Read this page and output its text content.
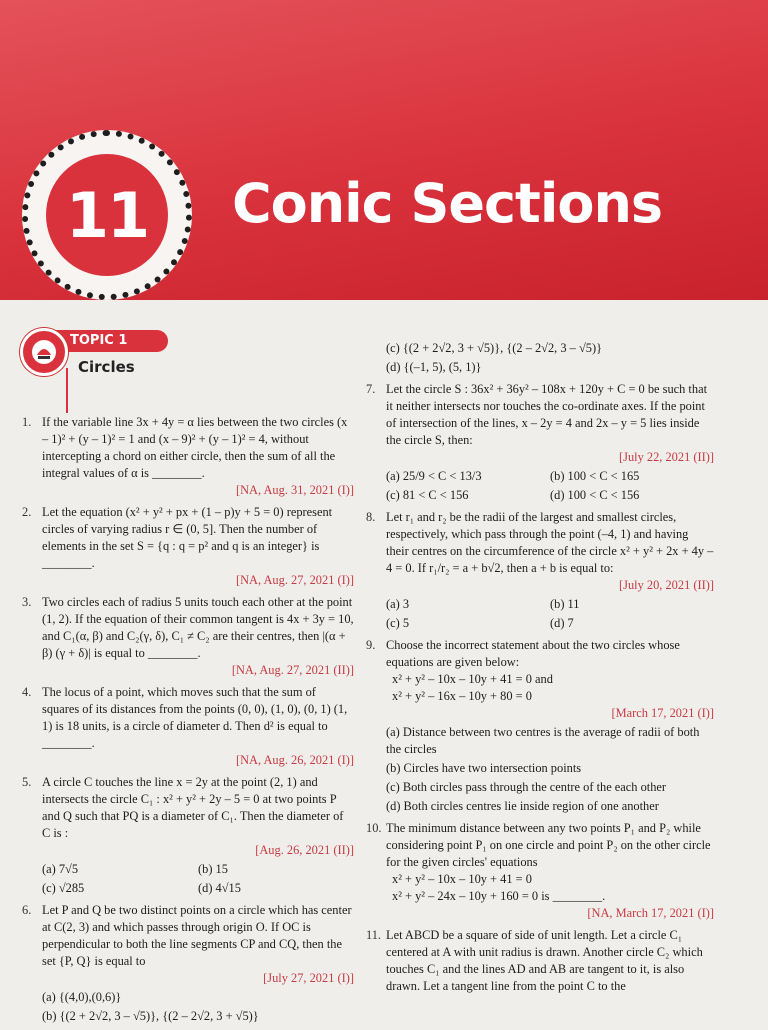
11	Conic Sections
TOPIC 1
Circles
1. If the variable line 3x + 4y = α lies between the two circles (x – 1)² + (y – 1)² = 1 and (x – 9)² + (y – 1)² = 4, without intercepting a chord on either circle, then the sum of all the integral values of α is ________.
[NA, Aug. 31, 2021 (I)]
2. Let the equation (x² + y² + px + (1 – p)y + 5 = 0) represent circles of varying radius r ∈ (0, 5]. Then the number of elements in the set S = {q : q = p² and q is an integer} is ________.
[NA, Aug. 27, 2021 (I)]
3. Two circles each of radius 5 units touch each other at the point (1, 2). If the equation of their common tangent is 4x + 3y = 10, and C₁(α, β) and C₂(γ, δ), C₁ ≠ C₂ are their centres, then |(α + β) (γ + δ)| is equal to ________.
[NA, Aug. 27, 2021 (II)]
4. The locus of a point, which moves such that the sum of squares of its distances from the points (0, 0), (1, 0), (0, 1) (1, 1) is 18 units, is a circle of diameter d. Then d² is equal to ________.
[NA, Aug. 26, 2021 (I)]
5. A circle C touches the line x = 2y at the point (2, 1) and intersects the circle C₁ : x² + y² + 2y – 5 = 0 at two points P and Q such that PQ is a diameter of C₁. Then the diameter of C is :
[Aug. 26, 2021 (II)]
(a) 7√5	(b) 15
(c) √285	(d) 4√15
6. Let P and Q be two distinct points on a circle which has center at C(2, 3) and which passes through origin O. If OC is perpendicular to both the line segments CP and CQ, then the set {P, Q} is equal to
[July 27, 2021 (I)]
(a) {(4,0),(0,6)}
(b) {(2 + 2√2, 3 – √5)}, {(2 – 2√2, 3 + √5)}
(c) {(2 + 2√2, 3 + √5)}, {(2 – 2√2, 3 – √5)}
(d) {(–1, 5), (5, 1)}
7. Let the circle S : 36x² + 36y² – 108x + 120y + C = 0 be such that it neither intersects nor touches the co-ordinate axes. If the point of intersection of the lines, x – 2y = 4 and 2x – y = 5 lies inside the circle S, then:
[July 22, 2021 (II)]
(a) 25/9 < C < 13/3	(b) 100 < C < 165
(c) 81 < C < 156	(d) 100 < C < 156
8. Let r₁ and r₂ be the radii of the largest and smallest circles, respectively, which pass through the point (–4, 1) and having their centres on the circumference of the circle x² + y² + 2x + 4y – 4 = 0. If r₁/r₂ = a + b√2, then a + b is equal to:
[July 20, 2021 (II)]
(a) 3	(b) 11
(c) 5	(d) 7
9. Choose the incorrect statement about the two circles whose equations are given below:
x² + y² – 10x – 10y + 41 = 0 and
x² + y² – 16x – 10y + 80 = 0
[March 17, 2021 (I)]
(a) Distance between two centres is the average of radii of both the circles
(b) Circles have two intersection points
(c) Both circles pass through the centre of the each other
(d) Both circles centres lie inside region of one another
10. The minimum distance between any two points P₁ and P₂ while considering point P₁ on one circle and point P₂ on the other circle for the given circles' equations
x² + y² – 10x – 10y + 41 = 0
x² + y² – 24x – 10y + 160 = 0 is ________.
[NA, March 17, 2021 (I)]
11. Let ABCD be a square of side of unit length. Let a circle C₁ centered at A with unit radius is drawn. Another circle C₂ which touches C₁ and the lines AD and AB are tangent to it, is also drawn. Let a tangent line from the point C to the
